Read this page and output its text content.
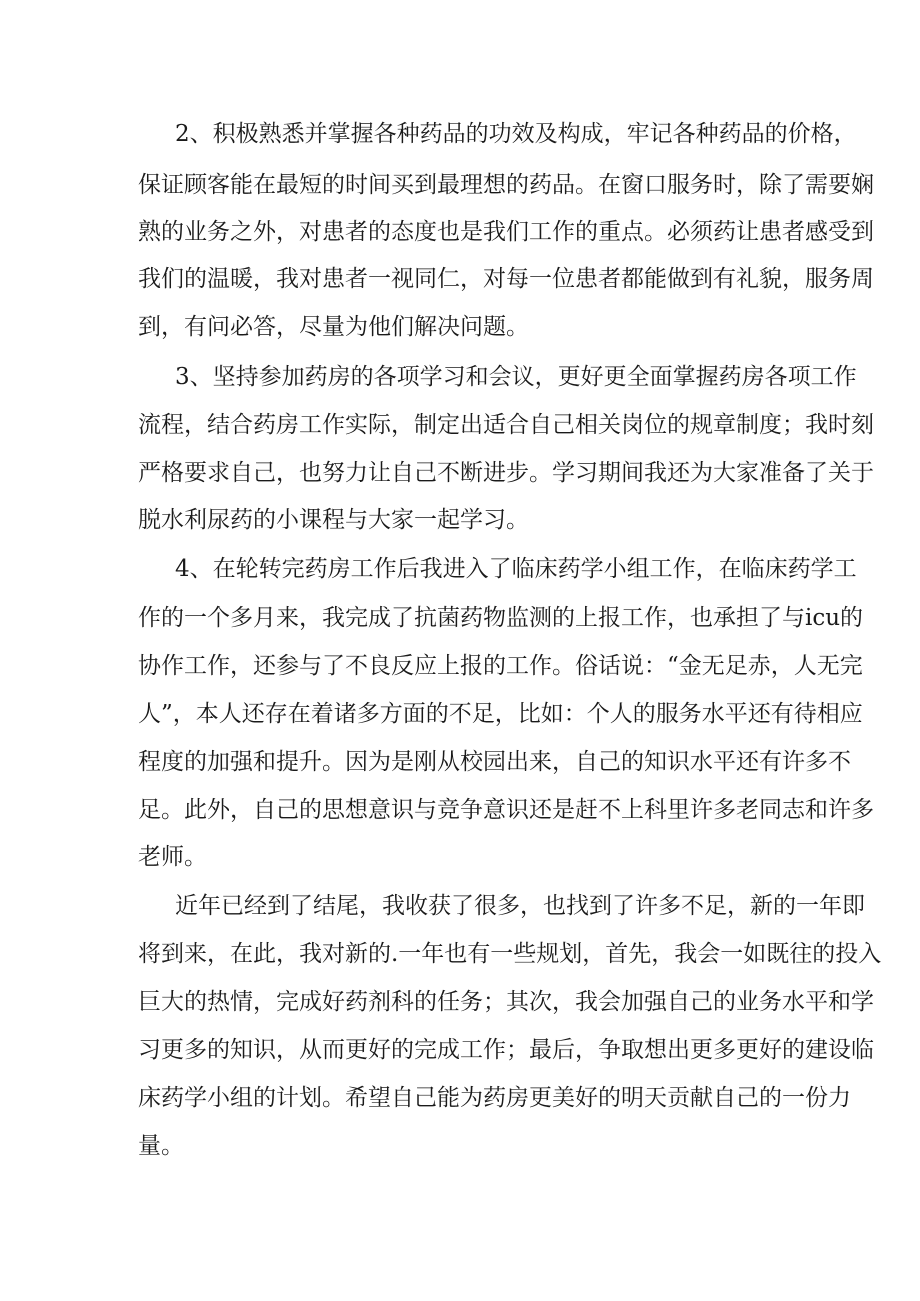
2、积极熟悉并掌握各种药品的功效及构成，牢记各种药品的价格，
保证顾客能在最短的时间买到最理想的药品。在窗口服务时，除了需要娴
熟的业务之外，对患者的态度也是我们工作的重点。必须药让患者感受到
我们的温暖，我对患者一视同仁，对每一位患者都能做到有礼貌，服务周
到，有问必答，尽量为他们解决问题。
3、坚持参加药房的各项学习和会议，更好更全面掌握药房各项工作
流程，结合药房工作实际，制定出适合自己相关岗位的规章制度；我时刻
严格要求自己，也努力让自己不断进步。学习期间我还为大家准备了关于
脱水利尿药的小课程与大家一起学习。
4、在轮转完药房工作后我进入了临床药学小组工作，在临床药学工
作的一个多月来，我完成了抗菌药物监测的上报工作，也承担了与icu的
协作工作，还参与了不良反应上报的工作。俗话说：“金无足赤，人无完
人”，本人还存在着诸多方面的不足，比如：个人的服务水平还有待相应
程度的加强和提升。因为是刚从校园出来，自己的知识水平还有许多不
足。此外，自己的思想意识与竞争意识还是赶不上科里许多老同志和许多
老师。
近年已经到了结尾，我收获了很多，也找到了许多不足，新的一年即
将到来，在此，我对新的.一年也有一些规划，首先，我会一如既往的投入
巨大的热情，完成好药剂科的任务；其次，我会加强自己的业务水平和学
习更多的知识，从而更好的完成工作；最后，争取想出更多更好的建设临
床药学小组的计划。希望自己能为药房更美好的明天贡献自己的一份力
量。
